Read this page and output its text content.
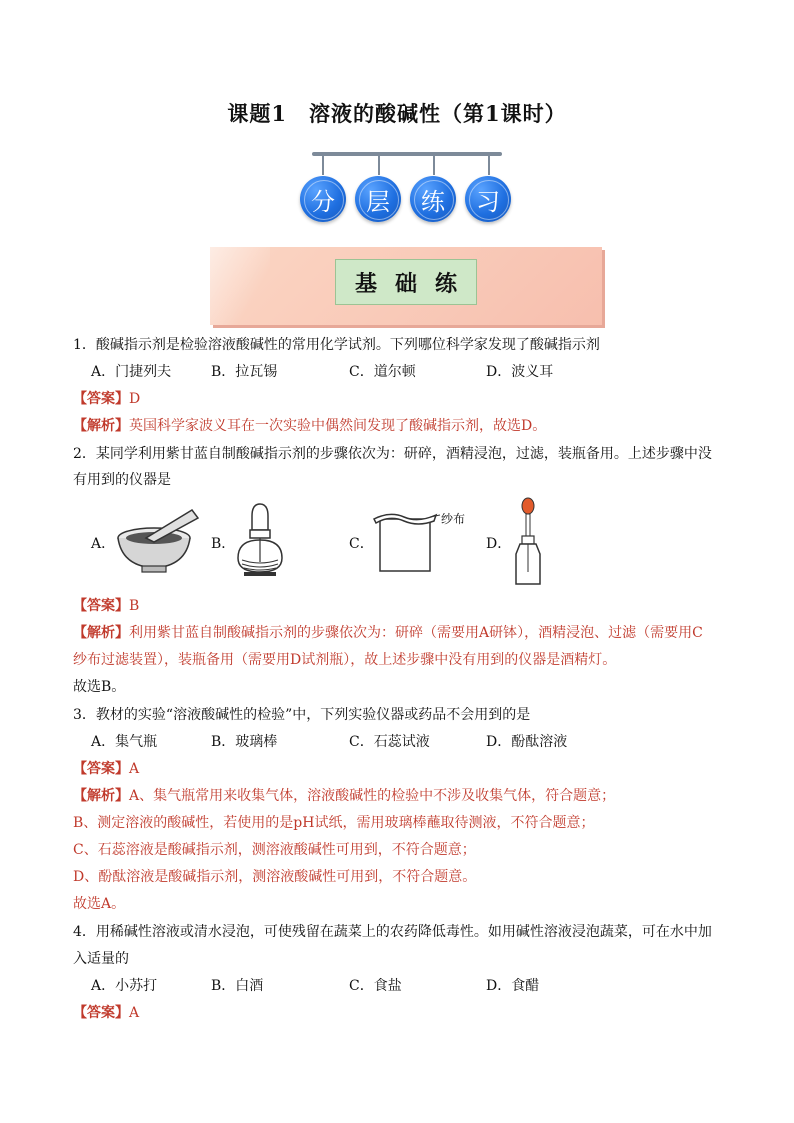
课题1　溶液的酸碱性（第1课时）
分	层	练	习
基础练
1．酸碱指示剂是检验溶液酸碱性的常用化学试剂。下列哪位科学家发现了酸碱指示剂
A．门捷列夫	B．拉瓦锡	C．道尔顿	D．波义耳
【答案】D
【解析】英国科学家波义耳在一次实验中偶然间发现了酸碱指示剂，故选D。
2．某同学利用紫甘蓝自制酸碱指示剂的步骤依次为：研碎，酒精浸泡，过滤，装瓶备用。上述步骤中没
有用到的仪器是
A．	B．	C．
纱布
D．
【答案】B
【解析】利用紫甘蓝自制酸碱指示剂的步骤依次为：研碎（需要用A研钵），酒精浸泡、过滤（需要用C
纱布过滤装置），装瓶备用（需要用D试剂瓶），故上述步骤中没有用到的仪器是酒精灯。
故选B。
3．教材的实验“溶液酸碱性的检验”中，下列实验仪器或药品不会用到的是
A．集气瓶	B．玻璃棒	C．石蕊试液	D．酚酞溶液
【答案】A
【解析】A、集气瓶常用来收集气体，溶液酸碱性的检验中不涉及收集气体，符合题意；
B、测定溶液的酸碱性，若使用的是pH试纸，需用玻璃棒蘸取待测液，不符合题意；
C、石蕊溶液是酸碱指示剂，测溶液酸碱性可用到，不符合题意；
D、酚酞溶液是酸碱指示剂，测溶液酸碱性可用到，不符合题意。
故选A。
4．用稀碱性溶液或清水浸泡，可使残留在蔬菜上的农药降低毒性。如用碱性溶液浸泡蔬菜，可在水中加
入适量的
A．小苏打	B．白酒	C．食盐	D．食醋
【答案】A
